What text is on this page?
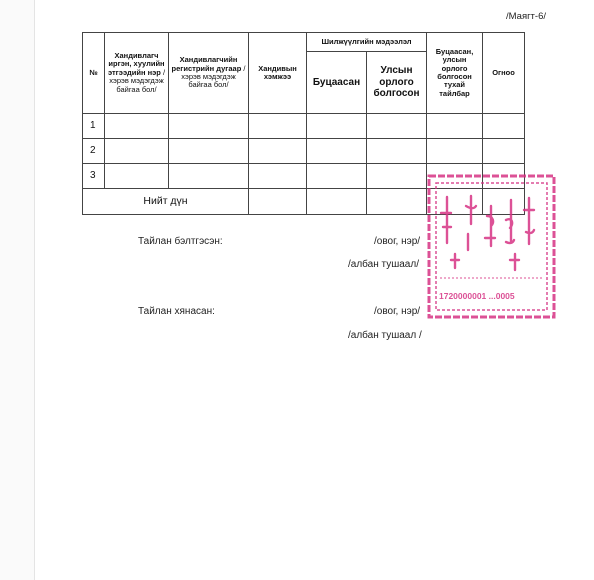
/Маягт-6/
№	Хандивлагч иргэн, хуулийн этгээдийн нэр /хэрэв мэдэгдэж байгаа бол/	Хандивлагчийн регистрийн дугаар /хэрэв мэдэгдэж байгаа бол/	Хандивын хэмжээ	Шилжүүлгийн мэдээлэл		Буцаасан, улсын орлого болгосон тухай тайлбар	Огноо
				Буцаасан	Улсын орлого болгосон		
1							
2							
3							
Нийт дүн							
Тайлан бэлтгэсэн:	/овог, нэр/
/албан тушаал/
Тайлан хянасан:	/овог, нэр/
/албан тушаал /
1720000001 ...0005
